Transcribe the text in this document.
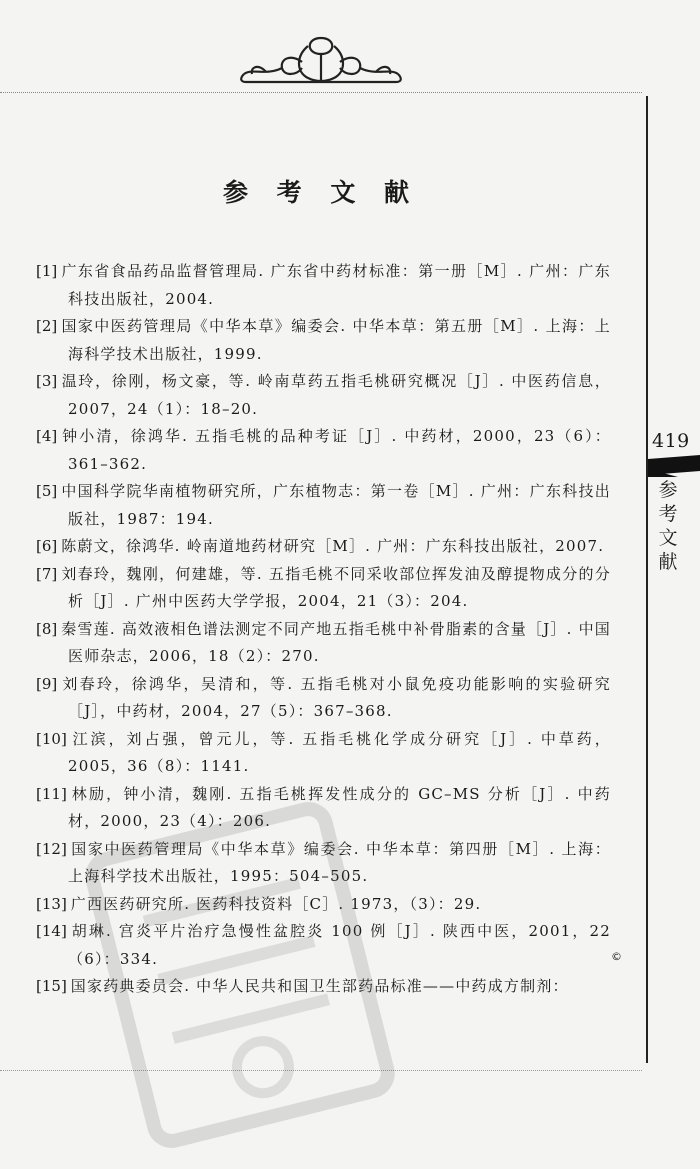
419
参
考
文
献
参 考 文 献
[1] 广东省食品药品监督管理局. 广东省中药材标准：第一册［M］. 广州：广东科技出版社，2004.
[2] 国家中医药管理局《中华本草》编委会. 中华本草：第五册［M］. 上海：上海科学技术出版社，1999.
[3] 温玲，徐刚，杨文豪，等. 岭南草药五指毛桃研究概况［J］. 中医药信息，2007，24（1）：18–20.
[4] 钟小清，徐鸿华. 五指毛桃的品种考证［J］. 中药材，2000，23（6）：361–362.
[5] 中国科学院华南植物研究所，广东植物志：第一卷［M］. 广州：广东科技出版社，1987：194.
[6] 陈蔚文，徐鸿华. 岭南道地药材研究［M］. 广州：广东科技出版社，2007.
[7] 刘春玲，魏刚，何建雄，等. 五指毛桃不同采收部位挥发油及醇提物成分的分析［J］. 广州中医药大学学报，2004，21（3）：204.
[8] 秦雪莲. 高效液相色谱法测定不同产地五指毛桃中补骨脂素的含量［J］. 中国医师杂志，2006，18（2）：270.
[9] 刘春玲，徐鸿华，吴清和，等. 五指毛桃对小鼠免疫功能影响的实验研究［J］，中药材，2004，27（5）：367–368.
[10] 江滨，刘占强，曾元儿，等. 五指毛桃化学成分研究［J］. 中草药，2005，36（8）：1141.
[11] 林励，钟小清，魏刚. 五指毛桃挥发性成分的 GC–MS 分析［J］. 中药材，2000，23（4）：206.
[12] 国家中医药管理局《中华本草》编委会. 中华本草：第四册［M］. 上海：上海科学技术出版社，1995：504–505.
[13] 广西医药研究所. 医药科技资料［C］. 1973，（3）：29.
[14] 胡琳. 宫炎平片治疗急慢性盆腔炎 100 例［J］. 陕西中医，2001，22（6）：334.
[15] 国家药典委员会. 中华人民共和国卫生部药品标准——中药成方制剂：
©
